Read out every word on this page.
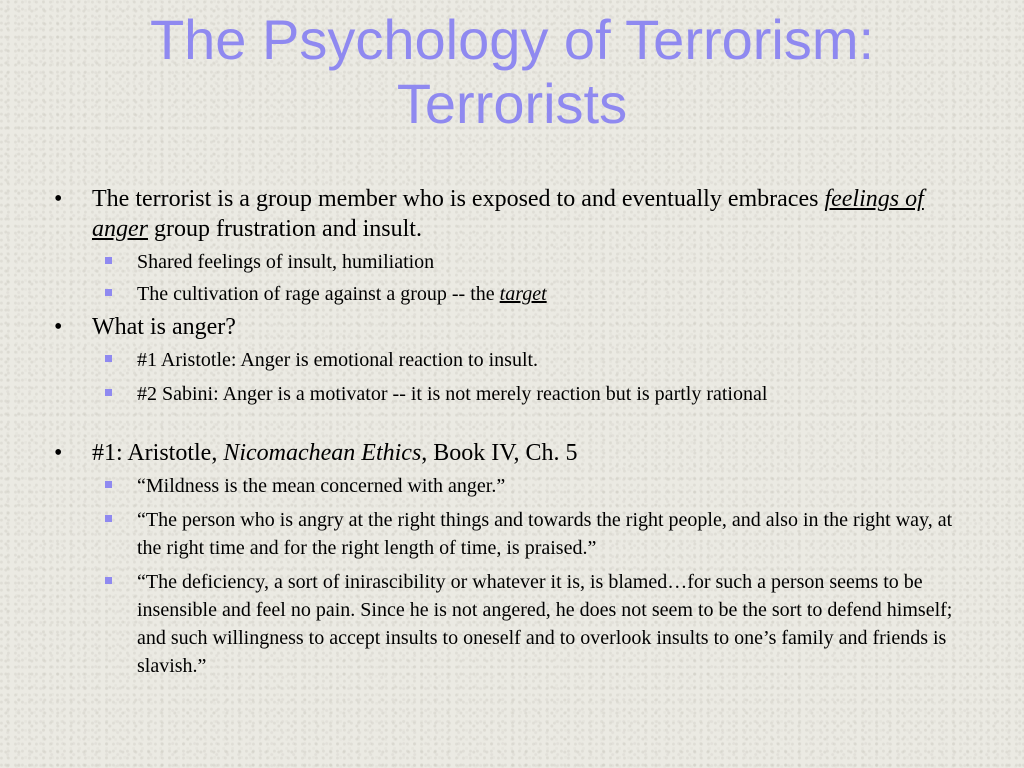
The Psychology of Terrorism:
Terrorists

• The terrorist is a group member who is exposed to and eventually embraces feelings of anger group frustration and insult.

Shared feelings of insult, humiliation

The cultivation of rage against a group -- the target

• What is anger?

#1 Aristotle: Anger is emotional reaction to insult.

#2 Sabini: Anger is a motivator -- it is not merely reaction but is partly rational

• #1: Aristotle, Nicomachean Ethics, Book IV, Ch. 5

“Mildness is the mean concerned with anger.”

“The person who is angry at the right things and towards the right people, and also in the right way, at the right time and for the right length of time, is praised.”

“The deficiency, a sort of inirascibility or whatever it is, is blamed…for such a person seems to be insensible and feel no pain. Since he is not angered, he does not seem to be the sort to defend himself; and such willingness to accept insults to oneself and to overlook insults to one’s family and friends is slavish.”
